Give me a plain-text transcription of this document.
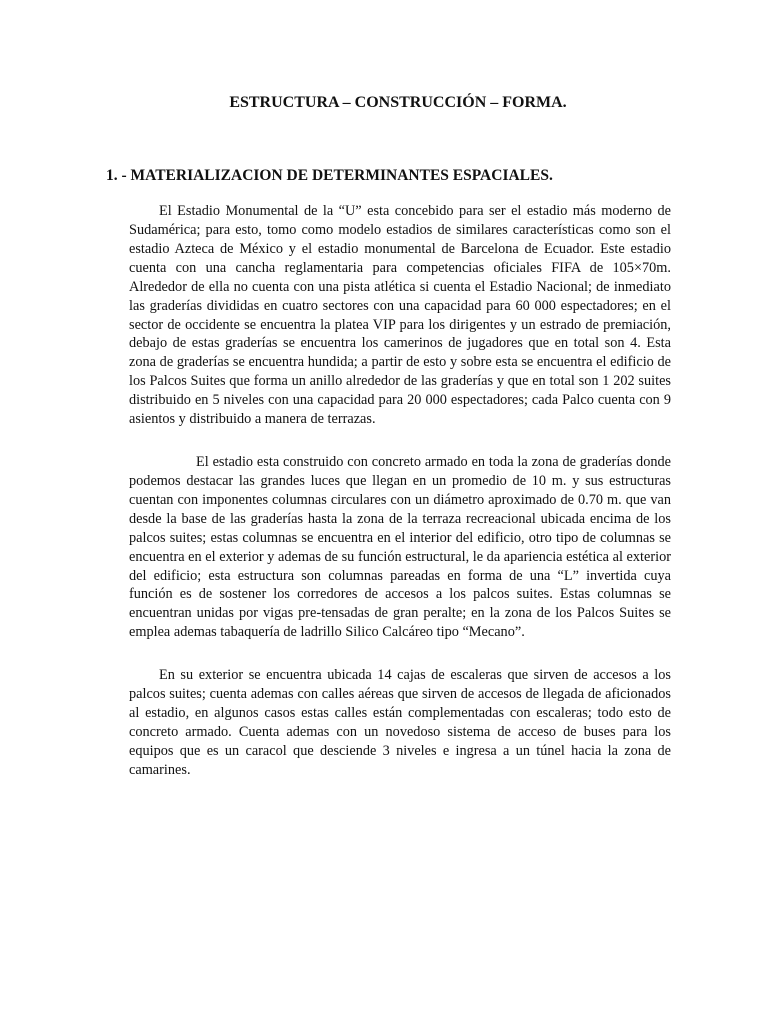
ESTRUCTURA – CONSTRUCCIÓN – FORMA.
1. - MATERIALIZACION DE DETERMINANTES ESPACIALES.

El Estadio Monumental de la “U” esta concebido para ser el estadio más moderno de Sudamérica; para esto, tomo como modelo estadios de similares características como son el estadio Azteca de México y el estadio monumental de Barcelona de Ecuador. Este estadio cuenta con una cancha reglamentaria para competencias oficiales FIFA de 105×70m. Alrededor de ella no cuenta con una pista atlética si cuenta el Estadio Nacional; de inmediato las graderías divididas en cuatro sectores con una capacidad para 60 000 espectadores; en el sector de occidente se encuentra la platea VIP para los dirigentes y un estrado de premiación, debajo de estas graderías se encuentra los camerinos de jugadores que en total son 4. Esta zona de graderías se encuentra hundida; a partir de esto y sobre esta se encuentra el edificio de los Palcos Suites que forma un anillo alrededor de las graderías y que en total son 1 202 suites distribuido en 5 niveles con una capacidad para 20 000 espectadores; cada Palco cuenta con 9 asientos y distribuido a manera de terrazas.

El estadio esta construido con concreto armado en toda la zona de graderías donde podemos destacar las grandes luces que llegan en un promedio de 10 m. y sus estructuras cuentan con imponentes columnas circulares con un diámetro aproximado de 0.70 m. que van desde la base de las graderías hasta la zona de la terraza recreacional ubicada encima de los palcos suites; estas columnas se encuentra en el interior del edificio, otro tipo de columnas se encuentra en el exterior y ademas de su función estructural, le da apariencia estética al exterior del edificio; esta estructura son columnas pareadas en forma de una “L” invertida cuya función es de sostener los corredores de accesos a los palcos suites. Estas columnas se encuentran unidas por vigas pre-tensadas de gran peralte; en la zona de los Palcos Suites se emplea ademas tabaquería de ladrillo Silico Calcáreo tipo “Mecano”.

En su exterior se encuentra ubicada 14 cajas de escaleras que sirven de accesos a los palcos suites; cuenta ademas con calles aéreas que sirven de accesos de llegada de aficionados al estadio, en algunos casos estas calles están complementadas con escaleras; todo esto de concreto armado. Cuenta ademas con un novedoso sistema de acceso de buses para los equipos que es un caracol que desciende 3 niveles e ingresa a un túnel hacia la zona de camarines.
